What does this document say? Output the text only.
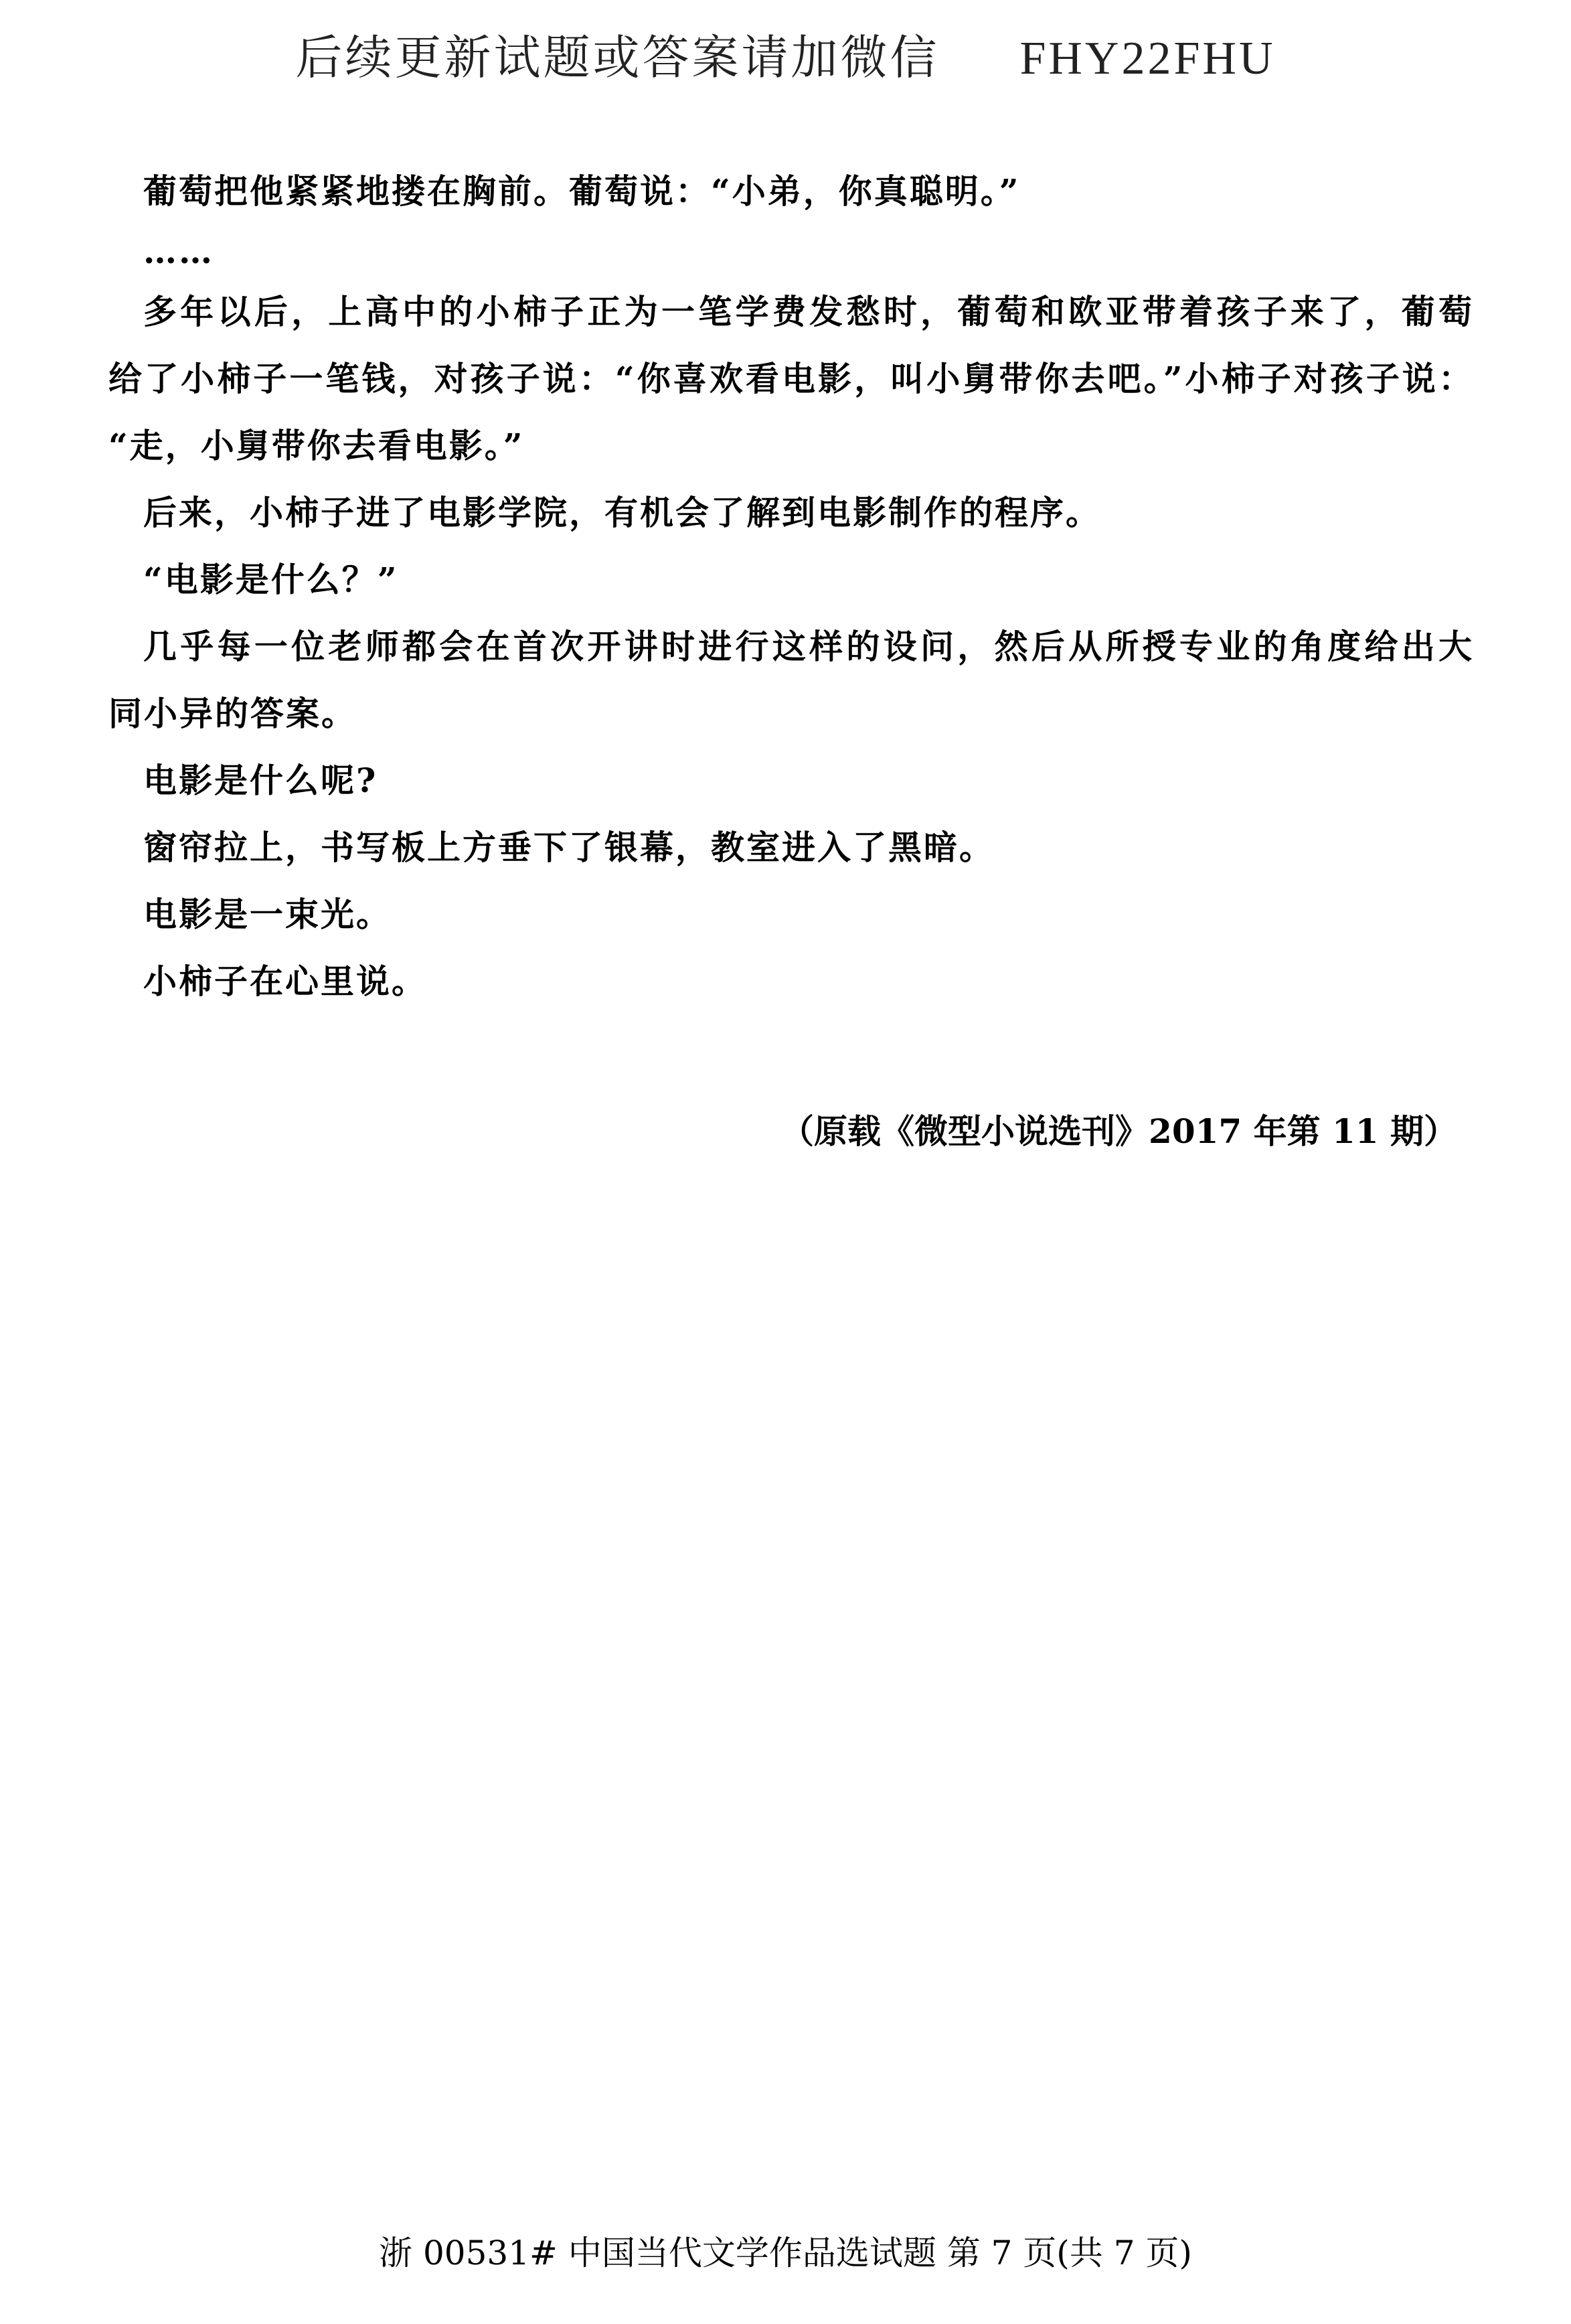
后续更新试题或答案请加微信 FHY22FHU
葡萄把他紧紧地搂在胸前。葡萄说：“小弟，你真聪明。”
……
多年以后，上高中的小柿子正为一笔学费发愁时，葡萄和欧亚带着孩子来了，葡萄
给了小柿子一笔钱，对孩子说：“你喜欢看电影，叫小舅带你去吧。”小柿子对孩子说：
“走，小舅带你去看电影。”
后来，小柿子进了电影学院，有机会了解到电影制作的程序。
“电影是什么？”
几乎每一位老师都会在首次开讲时进行这样的设问，然后从所授专业的角度给出大
同小异的答案。
电影是什么呢?
窗帘拉上，书写板上方垂下了银幕，教室进入了黑暗。
电影是一束光。
小柿子在心里说。
（原载《微型小说选刊》2017 年第 11 期）
浙 00531# 中国当代文学作品选试题 第 7 页(共 7 页)
